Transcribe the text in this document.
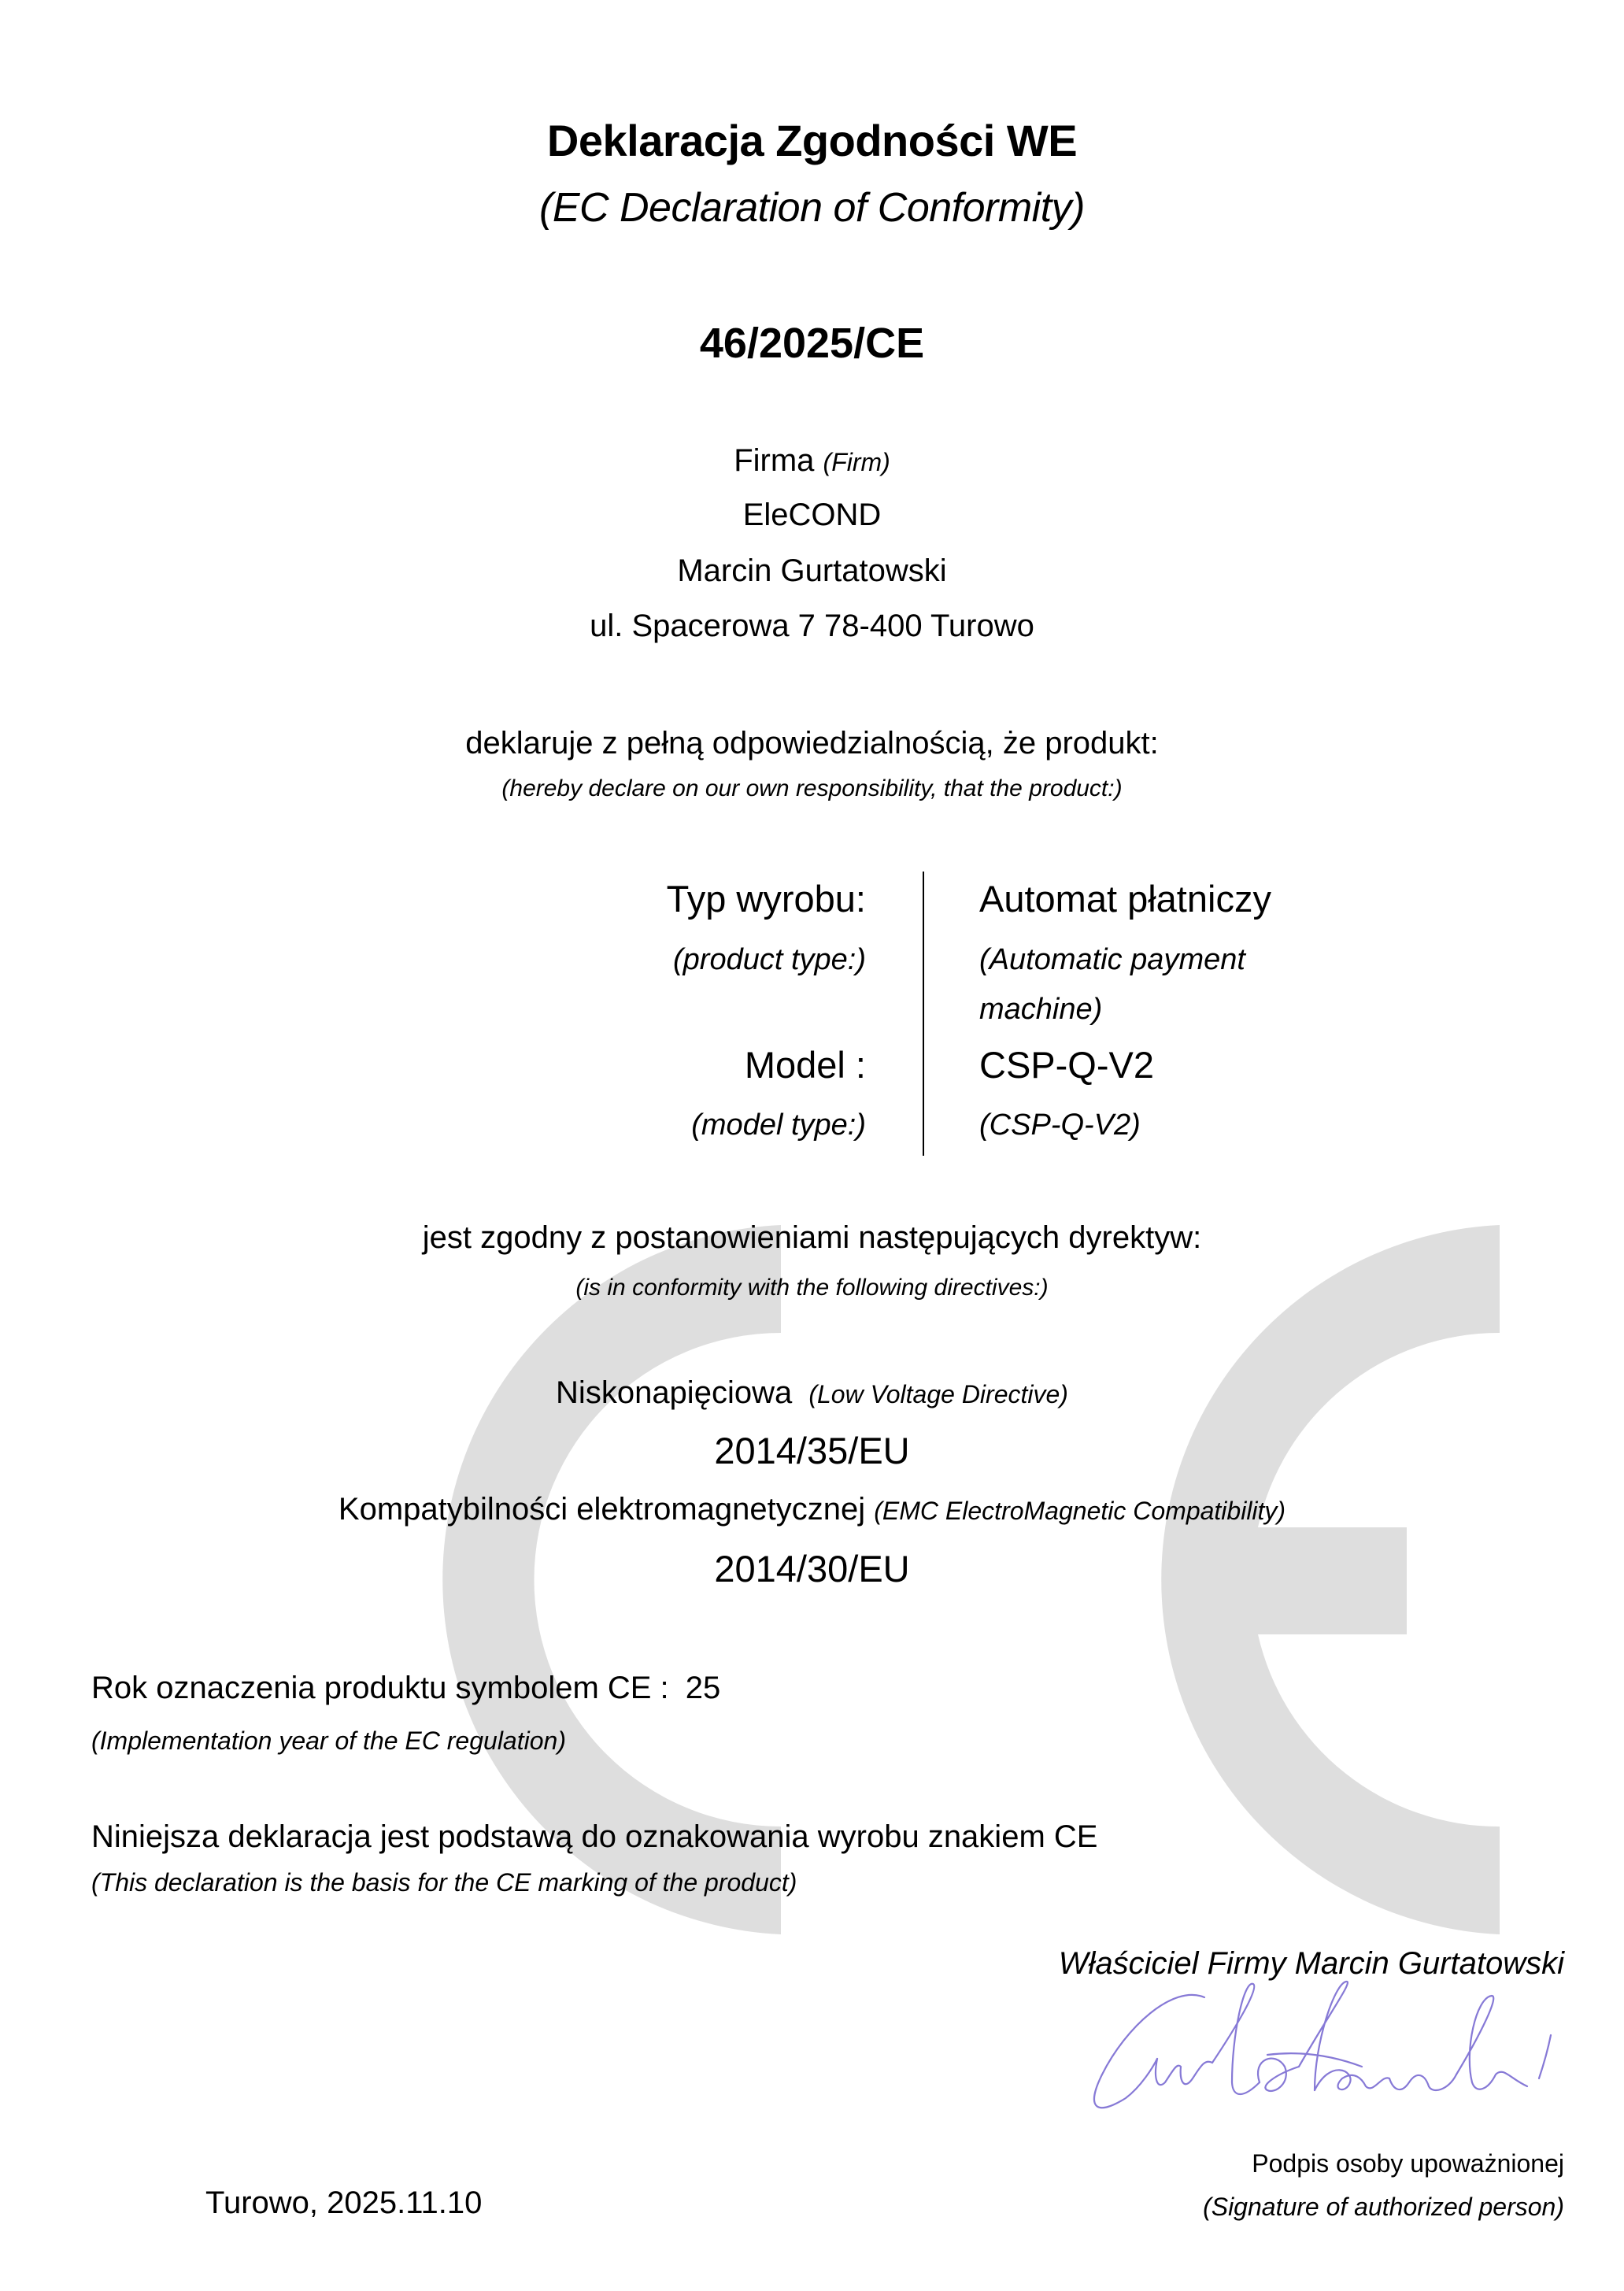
Deklaracja Zgodności WE
(EC Declaration of Conformity)
46/2025/CE
Firma (Firm)
EleCOND
Marcin Gurtatowski
ul. Spacerowa 7 78-400 Turowo
deklaruje z pełną odpowiedzialnością, że produkt:
(hereby declare on our own responsibility, that the product:)
Typ wyrobu:
(product type:)
Model :
(model type:)
Automat płatniczy
(Automatic payment
machine)
CSP-Q-V2
(CSP-Q-V2)
jest zgodny z postanowieniami następujących dyrektyw:
(is in conformity with the following directives:)
Niskonapięciowa (Low Voltage Directive)
2014/35/EU
Kompatybilności elektromagnetycznej (EMC ElectroMagnetic Compatibility)
2014/30/EU
Rok oznaczenia produktu symbolem CE : 25
(Implementation year of the EC regulation)
Niniejsza deklaracja jest podstawą do oznakowania wyrobu znakiem CE
(This declaration is the basis for the CE marking of the product)
Właściciel Firmy Marcin Gurtatowski
Podpis osoby upoważnionej
(Signature of authorized person)
Turowo, 2025.11.10
